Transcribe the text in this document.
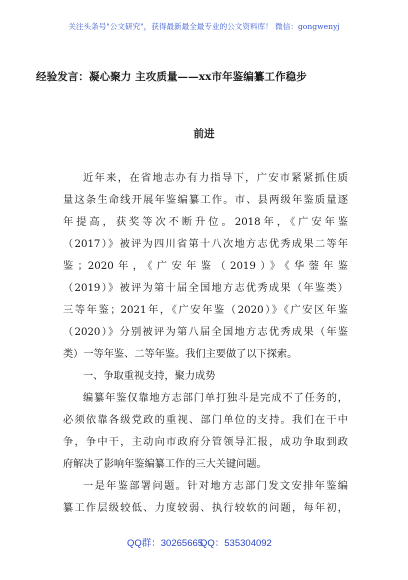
关注头条号"公文研究"，获得最新最全最专业的公文资料库！ 微信：gongwenyj
经验发言：凝心聚力 主攻质量——xx市年鉴编纂工作稳步
前进
近年来，在省地志办有力指导下，广安市紧紧抓住质
量这条生命线开展年鉴编纂工作。市、县两级年鉴质量逐
年提高，获奖等次不断升位。2018年，《广安年鉴
（2017）》被评为四川省第十八次地方志优秀成果二等年
鉴；2020年，《广安年鉴（2019）》《华蓥年鉴
（2019）》被评为第十届全国地方志优秀成果（年鉴类）
三等年鉴；2021年，《广安年鉴（2020）》《广安区年鉴
（2020）》分别被评为第八届全国地方志优秀成果（年鉴
类）一等年鉴、二等年鉴。我们主要做了以下探索。
一、争取重视支持，聚力成势
编纂年鉴仅靠地方志部门单打独斗是完成不了任务的，
必须依靠各级党政的重视、部门单位的支持。我们在干中
争，争中干，主动向市政府分管领导汇报，成功争取到政
府解决了影响年鉴编纂工作的三大关键问题。
一是年鉴部署问题。针对地方志部门发文安排年鉴编
纂工作层级较低、力度较弱、执行较软的问题，每年初，
QQ群：30265665
QQ：535304092
